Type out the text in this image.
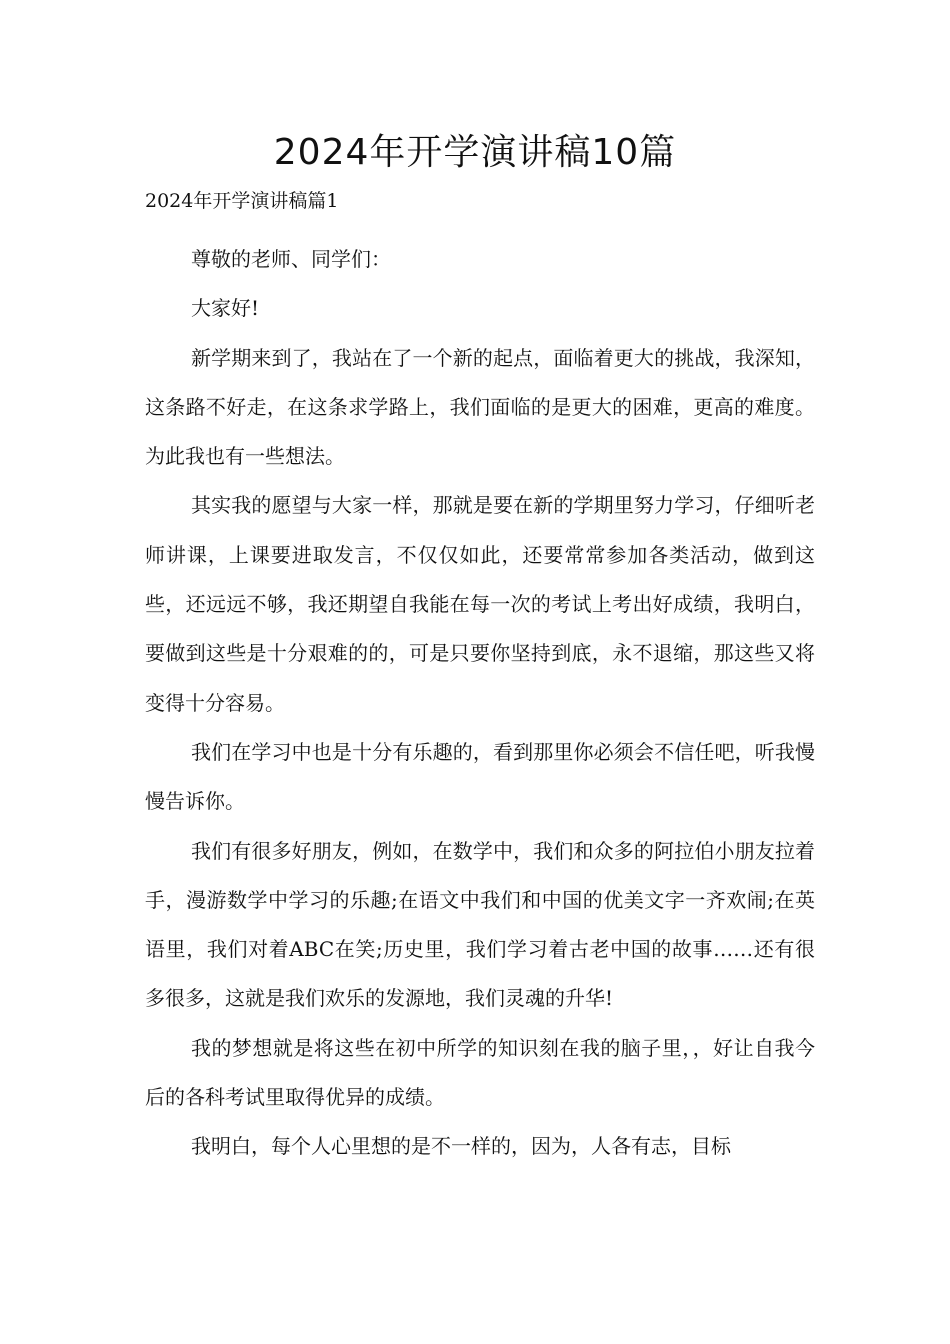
2024年开学演讲稿10篇
2024年开学演讲稿篇1

尊敬的老师、同学们：

大家好!

新学期来到了，我站在了一个新的起点，面临着更大的挑战，我深知，这条路不好走，在这条求学路上，我们面临的是更大的困难，更高的难度。为此我也有一些想法。

其实我的愿望与大家一样，那就是要在新的学期里努力学习，仔细听老师讲课，上课要进取发言，不仅仅如此，还要常常参加各类活动，做到这些，还远远不够，我还期望自我能在每一次的考试上考出好成绩，我明白，要做到这些是十分艰难的的，可是只要你坚持到底，永不退缩，那这些又将变得十分容易。

我们在学习中也是十分有乐趣的，看到那里你必须会不信任吧，听我慢慢告诉你。

我们有很多好朋友，例如，在数学中，我们和众多的阿拉伯小朋友拉着手，漫游数学中学习的乐趣;在语文中我们和中国的优美文字一齐欢闹;在英语里，我们对着ABC在笑;历史里，我们学习着古老中国的故事……还有很多很多，这就是我们欢乐的发源地，我们灵魂的升华!

我的梦想就是将这些在初中所学的知识刻在我的脑子里，，好让自我今后的各科考试里取得优异的成绩。

我明白，每个人心里想的是不一样的，因为，人各有志，目标
